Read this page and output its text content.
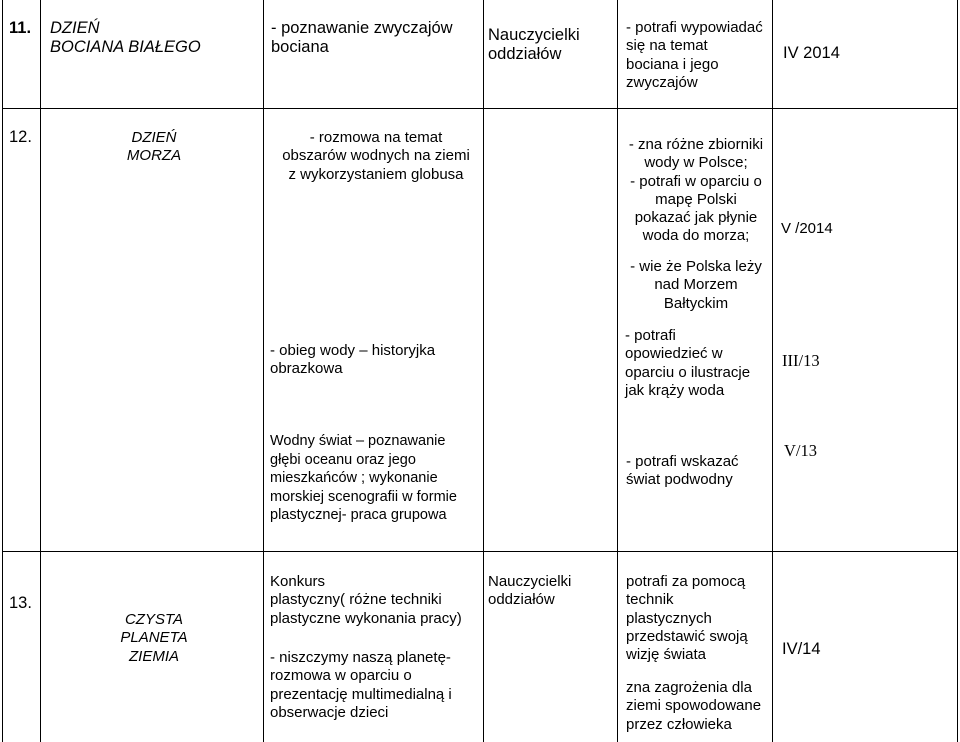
11. DZIEŃ
BOCIANA BIAŁEGO
- poznawanie zwyczajów
bociana
Nauczycielki
oddziałów
- potrafi wypowiadać
się na temat
bociana i jego
zwyczajów
IV 2014
12.	DZIEŃ
MORZA
- rozmowa na temat
obszarów wodnych na ziemi
z wykorzystaniem globusa
- obieg wody – historyjka
obrazkowa
Wodny świat – poznawanie
głębi oceanu oraz jego
mieszkańców ; wykonanie
morskiej scenografii w formie
plastycznej- praca grupowa
- zna różne zbiorniki
wody w Polsce;
- potrafi w oparciu o
mapę Polski
pokazać jak płynie
woda do morza;
- wie że Polska leży
nad Morzem
Bałtyckim
- potrafi
opowiedzieć w
oparciu o ilustracje
jak krąży woda
- potrafi wskazać
świat podwodny
V /2014
III/13
V/13
13.
CZYSTA
PLANETA
ZIEMIA
Konkurs
plastyczny( różne techniki
plastyczne wykonania pracy)
- niszczymy naszą planetę-
rozmowa w oparciu o
prezentację multimedialną i
obserwacje dzieci
Nauczycielki
oddziałów
potrafi za pomocą
technik
plastycznych
przedstawić swoją
wizję świata
zna zagrożenia dla
ziemi spowodowane
przez człowieka
IV/14
